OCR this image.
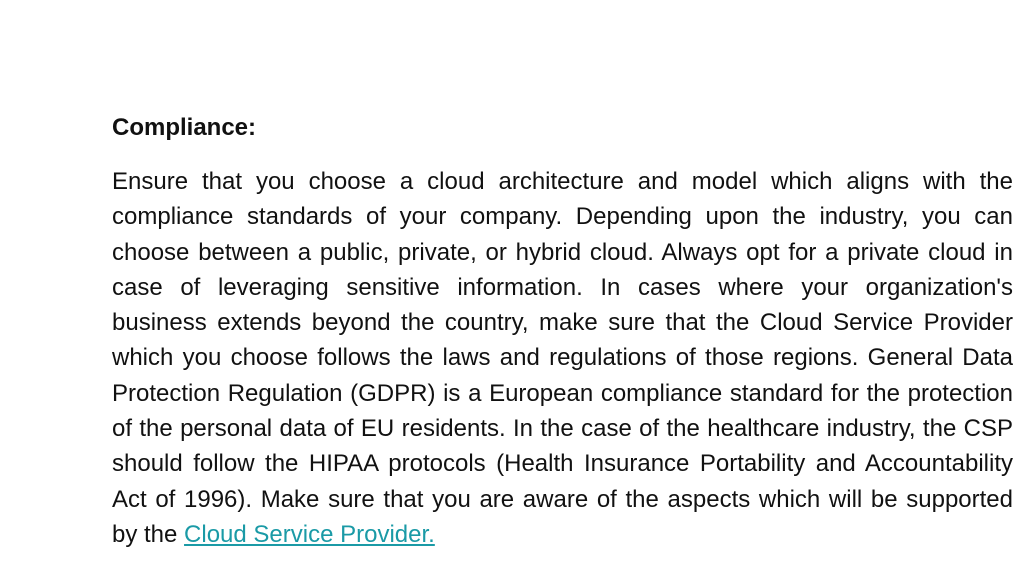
Compliance:

Ensure that you choose a cloud architecture and model which aligns with the compliance standards of your company. Depending upon the industry, you can choose between a public, private, or hybrid cloud. Always opt for a private cloud in case of leveraging sensitive information. In cases where your organization's business extends beyond the country, make sure that the Cloud Service Provider which you choose follows the laws and regulations of those regions. General Data Protection Regulation (GDPR) is a European compliance standard for the protection of the personal data of EU residents. In the case of the healthcare industry, the CSP should follow the HIPAA protocols (Health Insurance Portability and Accountability Act of 1996). Make sure that you are aware of the aspects which will be supported by the Cloud Service Provider.
